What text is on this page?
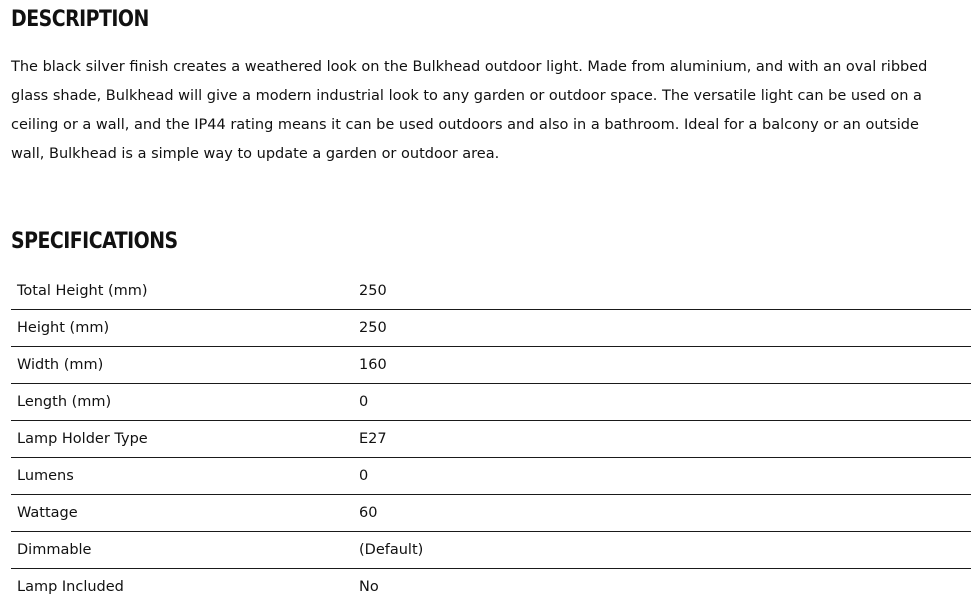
DESCRIPTION

The black silver finish creates a weathered look on the Bulkhead outdoor light. Made from aluminium, and with an oval ribbed glass shade, Bulkhead will give a modern industrial look to any garden or outdoor space. The versatile light can be used on a ceiling or a wall, and the IP44 rating means it can be used outdoors and also in a bathroom. Ideal for a balcony or an outside wall, Bulkhead is a simple way to update a garden or outdoor area.

SPECIFICATIONS
Total Height (mm)	250
Height (mm)	250
Width (mm)	160
Length (mm)	0
Lamp Holder Type	E27
Lumens	0
Wattage	60
Dimmable	(Default)
Lamp Included	No
